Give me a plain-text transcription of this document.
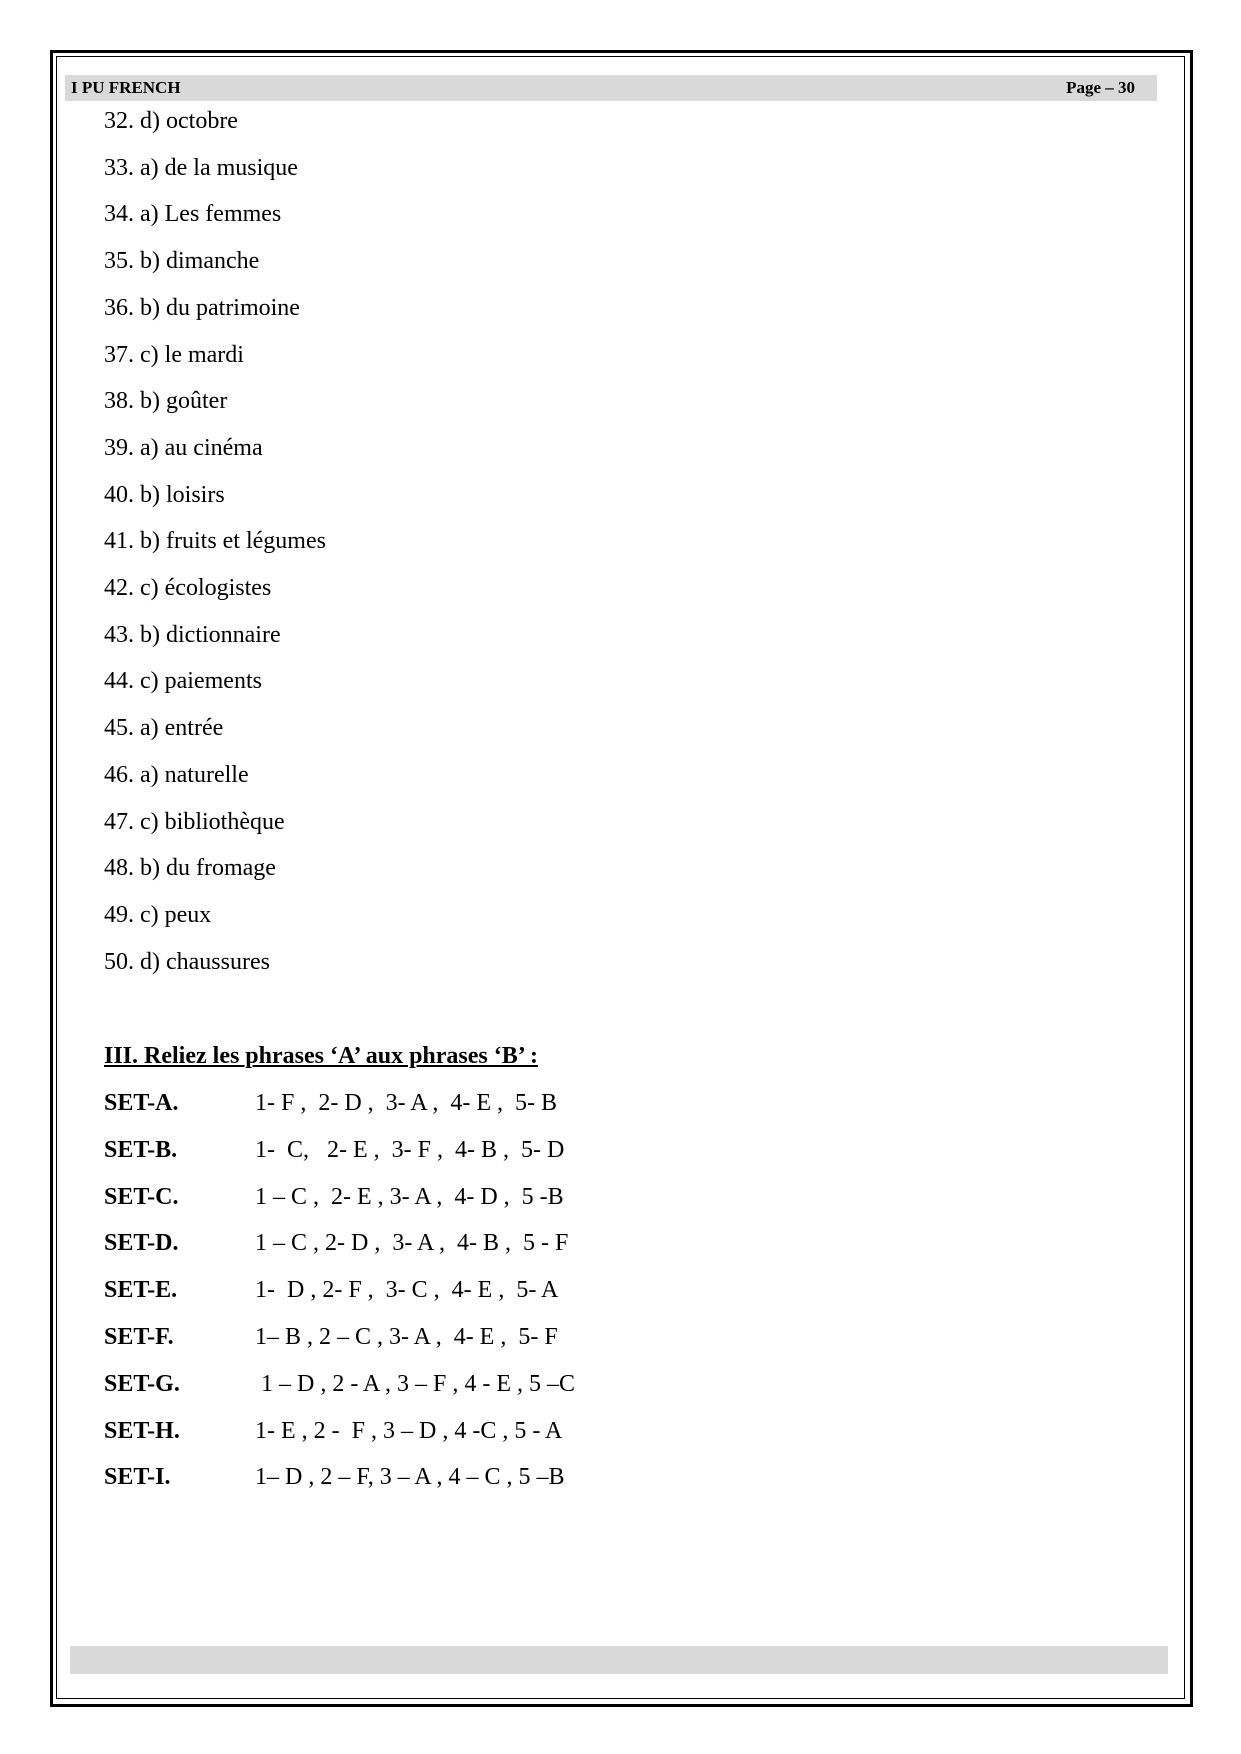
I PU FRENCH	Page – 30
32. d) octobre
33. a) de la musique
34. a) Les femmes
35. b) dimanche
36. b) du patrimoine
37. c) le mardi
38. b) goûter
39. a) au cinéma
40. b) loisirs
41. b) fruits et légumes
42. c) écologistes
43. b) dictionnaire
44. c) paiements
45. a) entrée
46. a) naturelle
47. c) bibliothèque
48. b) du fromage
49. c) peux
50. d) chaussures
III. Reliez les phrases ‘A’ aux phrases ‘B’ :
SET-A.	1- F ,  2- D ,  3- A ,  4- E ,  5- B
SET-B.	1-  C,   2- E ,  3- F ,  4- B ,  5- D
SET-C.	1 – C ,  2- E , 3- A ,  4- D ,  5 -B
SET-D.	1 – C , 2- D ,  3- A ,  4- B ,  5 - F
SET-E.	1-  D , 2- F ,  3- C ,  4- E ,  5- A
SET-F.	1– B , 2 – C , 3- A ,  4- E ,  5- F
SET-G.	1 – D , 2 - A , 3 – F , 4 - E , 5 –C
SET-H.	1- E , 2 -  F , 3 – D , 4 -C , 5 - A
SET-I.	1– D , 2 – F, 3 – A , 4 – C , 5 –B
